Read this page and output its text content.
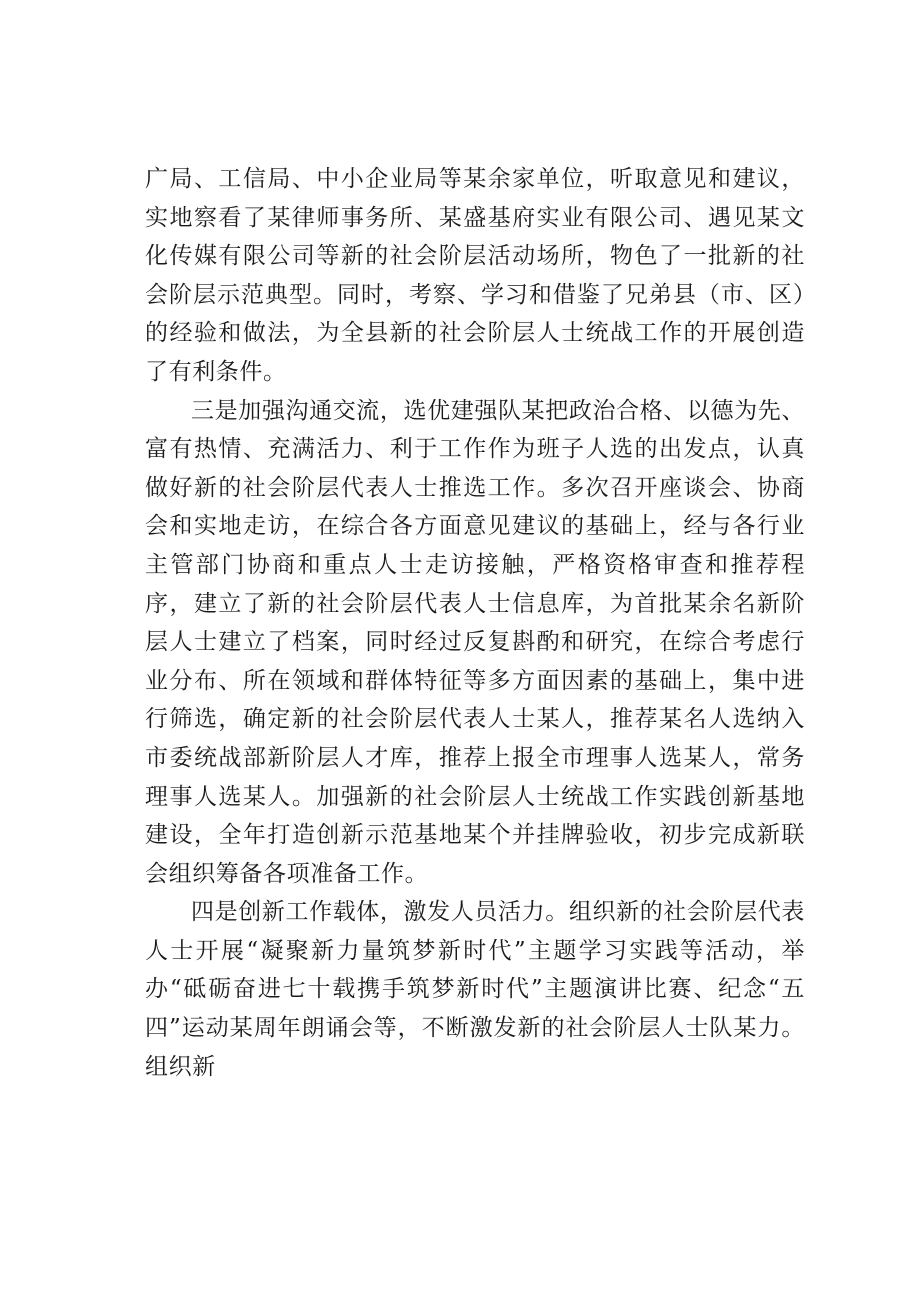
广局、工信局、中小企业局等某余家单位，听取意见和建议，实地察看了某律师事务所、某盛基府实业有限公司、遇见某文化传媒有限公司等新的社会阶层活动场所，物色了一批新的社会阶层示范典型。同时，考察、学习和借鉴了兄弟县（市、区）的经验和做法，为全县新的社会阶层人士统战工作的开展创造了有利条件。

三是加强沟通交流，选优建强队某把政治合格、以德为先、富有热情、充满活力、利于工作作为班子人选的出发点，认真做好新的社会阶层代表人士推选工作。多次召开座谈会、协商会和实地走访，在综合各方面意见建议的基础上，经与各行业主管部门协商和重点人士走访接触，严格资格审查和推荐程序，建立了新的社会阶层代表人士信息库，为首批某余名新阶层人士建立了档案，同时经过反复斟酌和研究，在综合考虑行业分布、所在领域和群体特征等多方面因素的基础上，集中进行筛选，确定新的社会阶层代表人士某人，推荐某名人选纳入市委统战部新阶层人才库，推荐上报全市理事人选某人，常务理事人选某人。加强新的社会阶层人士统战工作实践创新基地建设，全年打造创新示范基地某个并挂牌验收，初步完成新联会组织筹备各项准备工作。

四是创新工作载体，激发人员活力。组织新的社会阶层代表人士开展“凝聚新力量筑梦新时代”主题学习实践等活动，举办“砥砺奋进七十载携手筑梦新时代”主题演讲比赛、纪念“五四”运动某周年朗诵会等，不断激发新的社会阶层人士队某力。组织新
